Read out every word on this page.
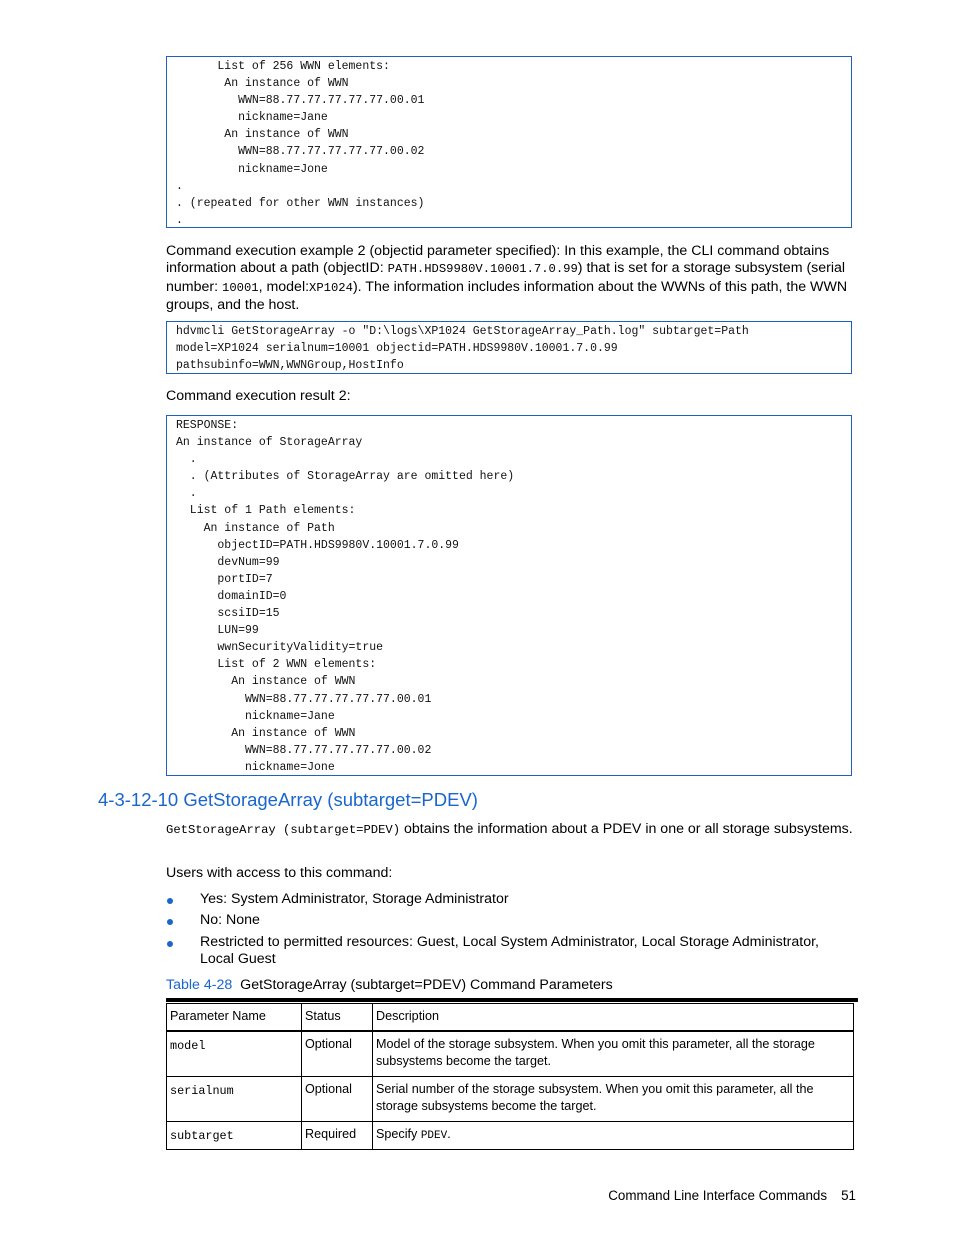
List of 256 WWN elements:
An instance of WWN
WWN=88.77.77.77.77.77.00.01
nickname=Jane
An instance of WWN
WWN=88.77.77.77.77.77.00.02
nickname=Jone
.
. (repeated for other WWN instances)
.
Command execution example 2 (objectid parameter specified): In this example, the CLI command obtains information about a path (objectID: PATH.HDS9980V.10001.7.0.99) that is set for a storage subsystem (serial number: 10001, model:XP1024). The information includes information about the WWNs of this path, the WWN groups, and the host.
hdvmcli GetStorageArray -o "D:\logs\XP1024 GetStorageArray_Path.log" subtarget=Path
model=XP1024 serialnum=10001 objectid=PATH.HDS9980V.10001.7.0.99
pathsubinfo=WWN,WWNGroup,HostInfo
Command execution result 2:
RESPONSE:
An instance of StorageArray
.
. (Attributes of StorageArray are omitted here)
.
List of 1 Path elements:
An instance of Path
objectID=PATH.HDS9980V.10001.7.0.99
devNum=99
portID=7
domainID=0
scsiID=15
LUN=99
wwnSecurityValidity=true
List of 2 WWN elements:
An instance of WWN
WWN=88.77.77.77.77.77.00.01
nickname=Jane
An instance of WWN
WWN=88.77.77.77.77.77.00.02
nickname=Jone
4-3-12-10 GetStorageArray (subtarget=PDEV)
GetStorageArray (subtarget=PDEV) obtains the information about a PDEV in one or all storage subsystems.
Users with access to this command:
Yes: System Administrator, Storage Administrator
No: None
Restricted to permitted resources: Guest, Local System Administrator, Local Storage Administrator, Local Guest
Table 4-28 GetStorageArray (subtarget=PDEV) Command Parameters
Parameter Name	Status	Description
model	Optional	Model of the storage subsystem. When you omit this parameter, all the storage subsystems become the target.
serialnum	Optional	Serial number of the storage subsystem. When you omit this parameter, all the storage subsystems become the target.
subtarget	Required	Specify PDEV.
Command Line Interface Commands 51
